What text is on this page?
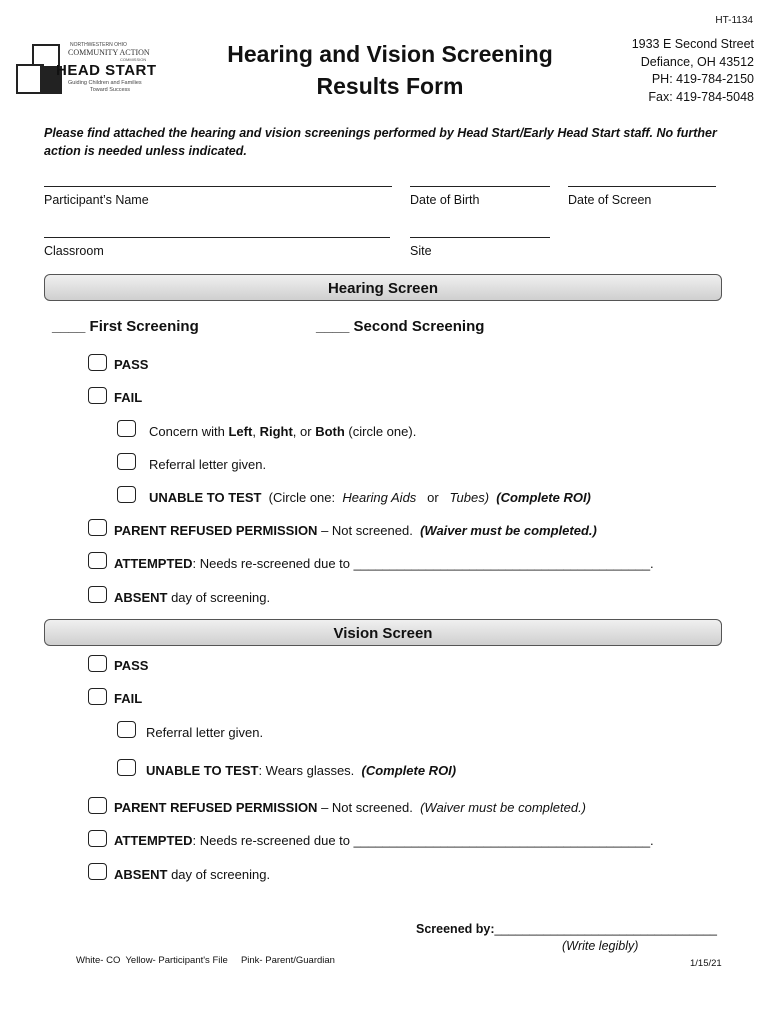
HT-1134
NORTHWESTERN OHIO
COMMUNITY ACTION
COMMISSION
HEAD START
Guiding Children and Families
Toward Success
Hearing and Vision Screening
Results Form
1933 E Second Street
Defiance, OH 43512
PH: 419-784-2150
Fax: 419-784-5048
Please find attached the hearing and vision screenings performed by Head Start/Early Head Start staff. No further action is needed unless indicated.
Participant’s Name	Date of Birth	Date of Screen
Classroom	Site
Hearing Screen
____ First Screening	____ Second Screening
PASS
FAIL
Concern with Left, Right, or Both (circle one).
Referral letter given.
UNABLE TO TEST  (Circle one:  Hearing Aids   or   Tubes)  (Complete ROI)
PARENT REFUSED PERMISSION – Not screened.  (Waiver must be completed.)
ATTEMPTED: Needs re-screened due to _________________________________________.
ABSENT day of screening.
Vision Screen
PASS
FAIL
Referral letter given.
UNABLE TO TEST: Wears glasses.  (Complete ROI)
PARENT REFUSED PERMISSION – Not screened.  (Waiver must be completed.)
ATTEMPTED: Needs re-screened due to _________________________________________.
ABSENT day of screening.
Screened by:________________________________
(Write legibly)
White- CO  Yellow- Participant's File     Pink- Parent/Guardian	1/15/21
